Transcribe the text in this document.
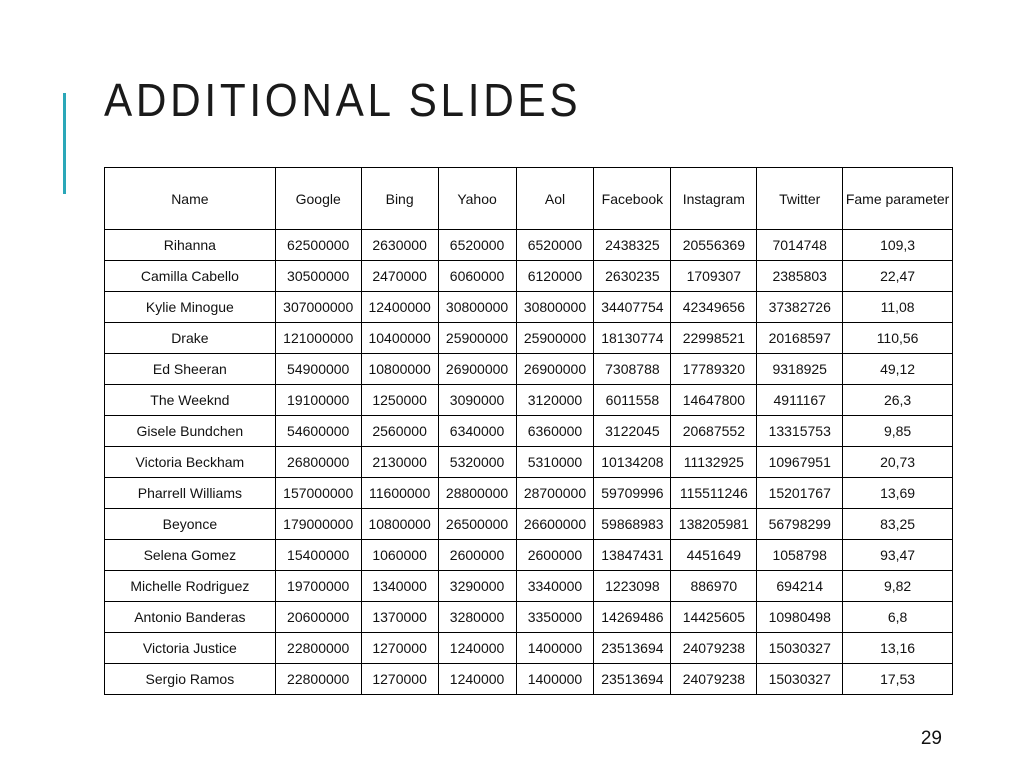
ADDITIONAL SLIDES
Name	Google	Bing	Yahoo	Aol	Facebook	Instagram	Twitter	Fame parameter
Rihanna	62500000	2630000	6520000	6520000	2438325	20556369	7014748	109,3
Camilla Cabello	30500000	2470000	6060000	6120000	2630235	1709307	2385803	22,47
Kylie Minogue	307000000	12400000	30800000	30800000	34407754	42349656	37382726	11,08
Drake	121000000	10400000	25900000	25900000	18130774	22998521	20168597	110,56
Ed Sheeran	54900000	10800000	26900000	26900000	7308788	17789320	9318925	49,12
The Weeknd	19100000	1250000	3090000	3120000	6011558	14647800	4911167	26,3
Gisele Bundchen	54600000	2560000	6340000	6360000	3122045	20687552	13315753	9,85
Victoria Beckham	26800000	2130000	5320000	5310000	10134208	11132925	10967951	20,73
Pharrell Williams	157000000	11600000	28800000	28700000	59709996	115511246	15201767	13,69
Beyonce	179000000	10800000	26500000	26600000	59868983	138205981	56798299	83,25
Selena Gomez	15400000	1060000	2600000	2600000	13847431	4451649	1058798	93,47
Michelle Rodriguez	19700000	1340000	3290000	3340000	1223098	886970	694214	9,82
Antonio Banderas	20600000	1370000	3280000	3350000	14269486	14425605	10980498	6,8
Victoria Justice	22800000	1270000	1240000	1400000	23513694	24079238	15030327	13,16
Sergio Ramos	22800000	1270000	1240000	1400000	23513694	24079238	15030327	17,53
29
